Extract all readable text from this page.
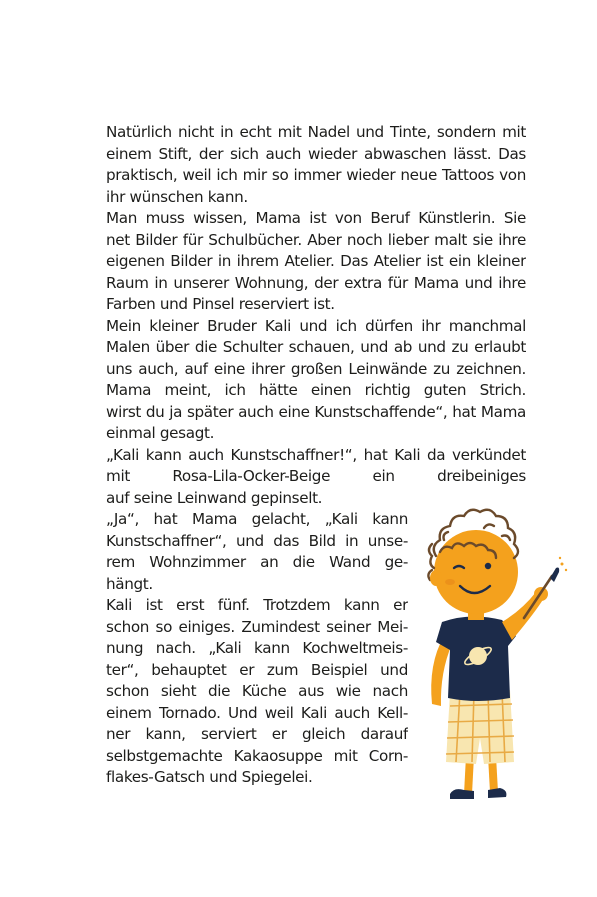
Natürlich nicht in echt mit Nadel und Tinte, sondern mit
einem Stift, der sich auch wieder abwaschen lässt. Das
praktisch, weil ich mir so immer wieder neue Tattoos von
ihr wünschen kann.
Man muss wissen, Mama ist von Beruf Künstlerin. Sie
net Bilder für Schulbücher. Aber noch lieber malt sie ihre
eigenen Bilder in ihrem Atelier. Das Atelier ist ein kleiner
Raum in unserer Wohnung, der extra für Mama und ihre
Farben und Pinsel reserviert ist.
Mein kleiner Bruder Kali und ich dürfen ihr manchmal
Malen über die Schulter schauen, und ab und zu erlaubt
uns auch, auf eine ihrer großen Leinwände zu zeichnen.
Mama meint, ich hätte einen richtig guten Strich.
wirst du ja später auch eine Kunstschaffende“, hat Mama
einmal gesagt.
„Kali kann auch Kunstschaffner!“, hat Kali da verkündet
mit Rosa-Lila-Ocker-Beige ein dreibeiniges
auf seine Leinwand gepinselt.
„Ja“, hat Mama gelacht, „Kali kann
Kunstschaffner“, und das Bild in unse-
rem Wohnzimmer an die Wand ge-
hängt.
Kali ist erst fünf. Trotzdem kann er
schon so einiges. Zumindest seiner Mei-
nung nach. „Kali kann Kochweltmeis-
ter“, behauptet er zum Beispiel und
schon sieht die Küche aus wie nach
einem Tornado. Und weil Kali auch Kell-
ner kann, serviert er gleich darauf
selbstgemachte Kakaosuppe mit Corn-
flakes-Gatsch und Spiegelei.
